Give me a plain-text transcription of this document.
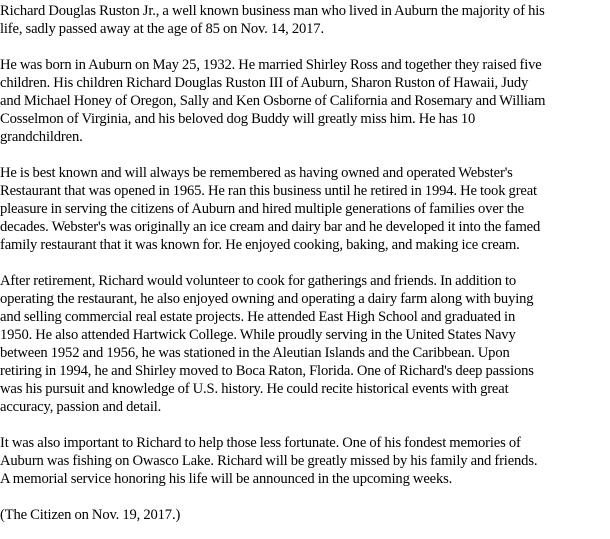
Richard Douglas Ruston Jr., a well known business man who lived in Auburn the majority of his
life, sadly passed away at the age of 85 on Nov. 14, 2017.

He was born in Auburn on May 25, 1932. He married Shirley Ross and together they raised five
children. His children Richard Douglas Ruston III of Auburn, Sharon Ruston of Hawaii, Judy
and Michael Honey of Oregon, Sally and Ken Osborne of California and Rosemary and William
Cosselmon of Virginia, and his beloved dog Buddy will greatly miss him. He has 10
grandchildren.

He is best known and will always be remembered as having owned and operated Webster's
Restaurant that was opened in 1965. He ran this business until he retired in 1994. He took great
pleasure in serving the citizens of Auburn and hired multiple generations of families over the
decades. Webster's was originally an ice cream and dairy bar and he developed it into the famed
family restaurant that it was known for. He enjoyed cooking, baking, and making ice cream.

After retirement, Richard would volunteer to cook for gatherings and friends. In addition to
operating the restaurant, he also enjoyed owning and operating a dairy farm along with buying
and selling commercial real estate projects. He attended East High School and graduated in
1950. He also attended Hartwick College. While proudly serving in the United States Navy
between 1952 and 1956, he was stationed in the Aleutian Islands and the Caribbean. Upon
retiring in 1994, he and Shirley moved to Boca Raton, Florida. One of Richard's deep passions
was his pursuit and knowledge of U.S. history. He could recite historical events with great
accuracy, passion and detail.

It was also important to Richard to help those less fortunate. One of his fondest memories of
Auburn was fishing on Owasco Lake. Richard will be greatly missed by his family and friends.
A memorial service honoring his life will be announced in the upcoming weeks.

(The Citizen on Nov. 19, 2017.)
